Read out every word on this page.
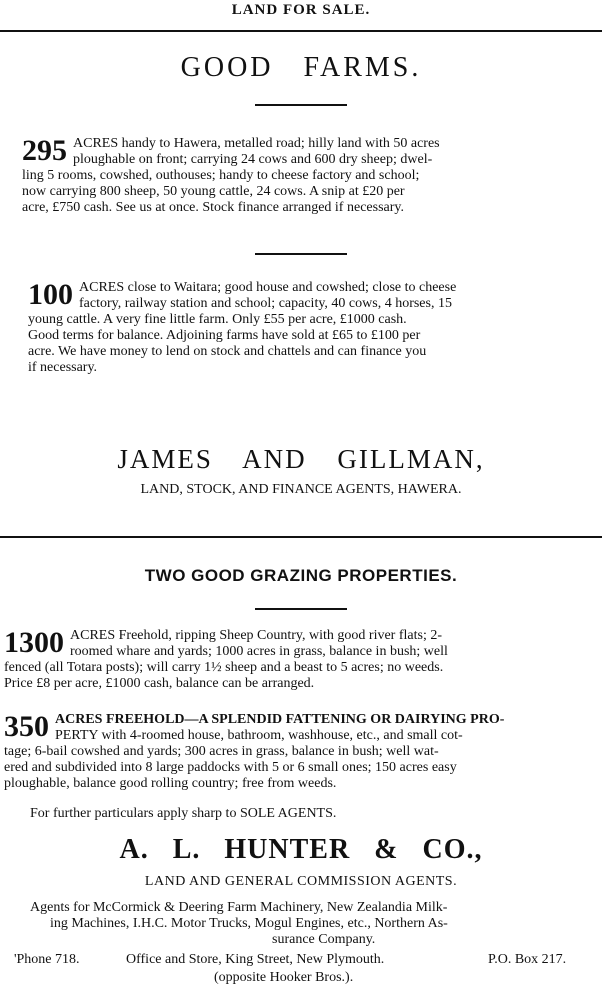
LAND FOR SALE.
GOOD FARMS.
295 ACRES handy to Hawera, metalled road; hilly land with 50 acres
ploughable on front; carrying 24 cows and 600 dry sheep; dwel-
ling 5 rooms, cowshed, outhouses; handy to cheese factory and school;
now carrying 800 sheep, 50 young cattle, 24 cows. A snip at £20 per
acre, £750 cash. See us at once. Stock finance arranged if necessary.
100 ACRES close to Waitara; good house and cowshed; close to cheese
factory, railway station and school; capacity, 40 cows, 4 horses, 15
young cattle. A very fine little farm. Only £55 per acre, £1000 cash.
Good terms for balance. Adjoining farms have sold at £65 to £100 per
acre. We have money to lend on stock and chattels and can finance you
if necessary.
JAMES AND GILLMAN,
LAND, STOCK, AND FINANCE AGENTS, HAWERA.
TWO GOOD GRAZING PROPERTIES.
1300 ACRES Freehold, ripping Sheep Country, with good river flats; 2-
roomed whare and yards; 1000 acres in grass, balance in bush; well
fenced (all Totara posts); will carry 1½ sheep and a beast to 5 acres; no weeds.
Price £8 per acre, £1000 cash, balance can be arranged.
350 ACRES FREEHOLD—A SPLENDID FATTENING OR DAIRYING PRO-
PERTY with 4-roomed house, bathroom, washhouse, etc., and small cot-
tage; 6-bail cowshed and yards; 300 acres in grass, balance in bush; well wat-
ered and subdivided into 8 large paddocks with 5 or 6 small ones; 150 acres easy
ploughable, balance good rolling country; free from weeds.
For further particulars apply sharp to SOLE AGENTS.
A. L. HUNTER & CO.,
LAND AND GENERAL COMMISSION AGENTS.
Agents for McCormick & Deering Farm Machinery, New Zealandia Milk-
ing Machines, I.H.C. Motor Trucks, Mogul Engines, etc., Northern As-
surance Company.
'Phone 718.	Office and Store, King Street, New Plymouth.	P.O. Box 217.
(opposite Hooker Bros.).
